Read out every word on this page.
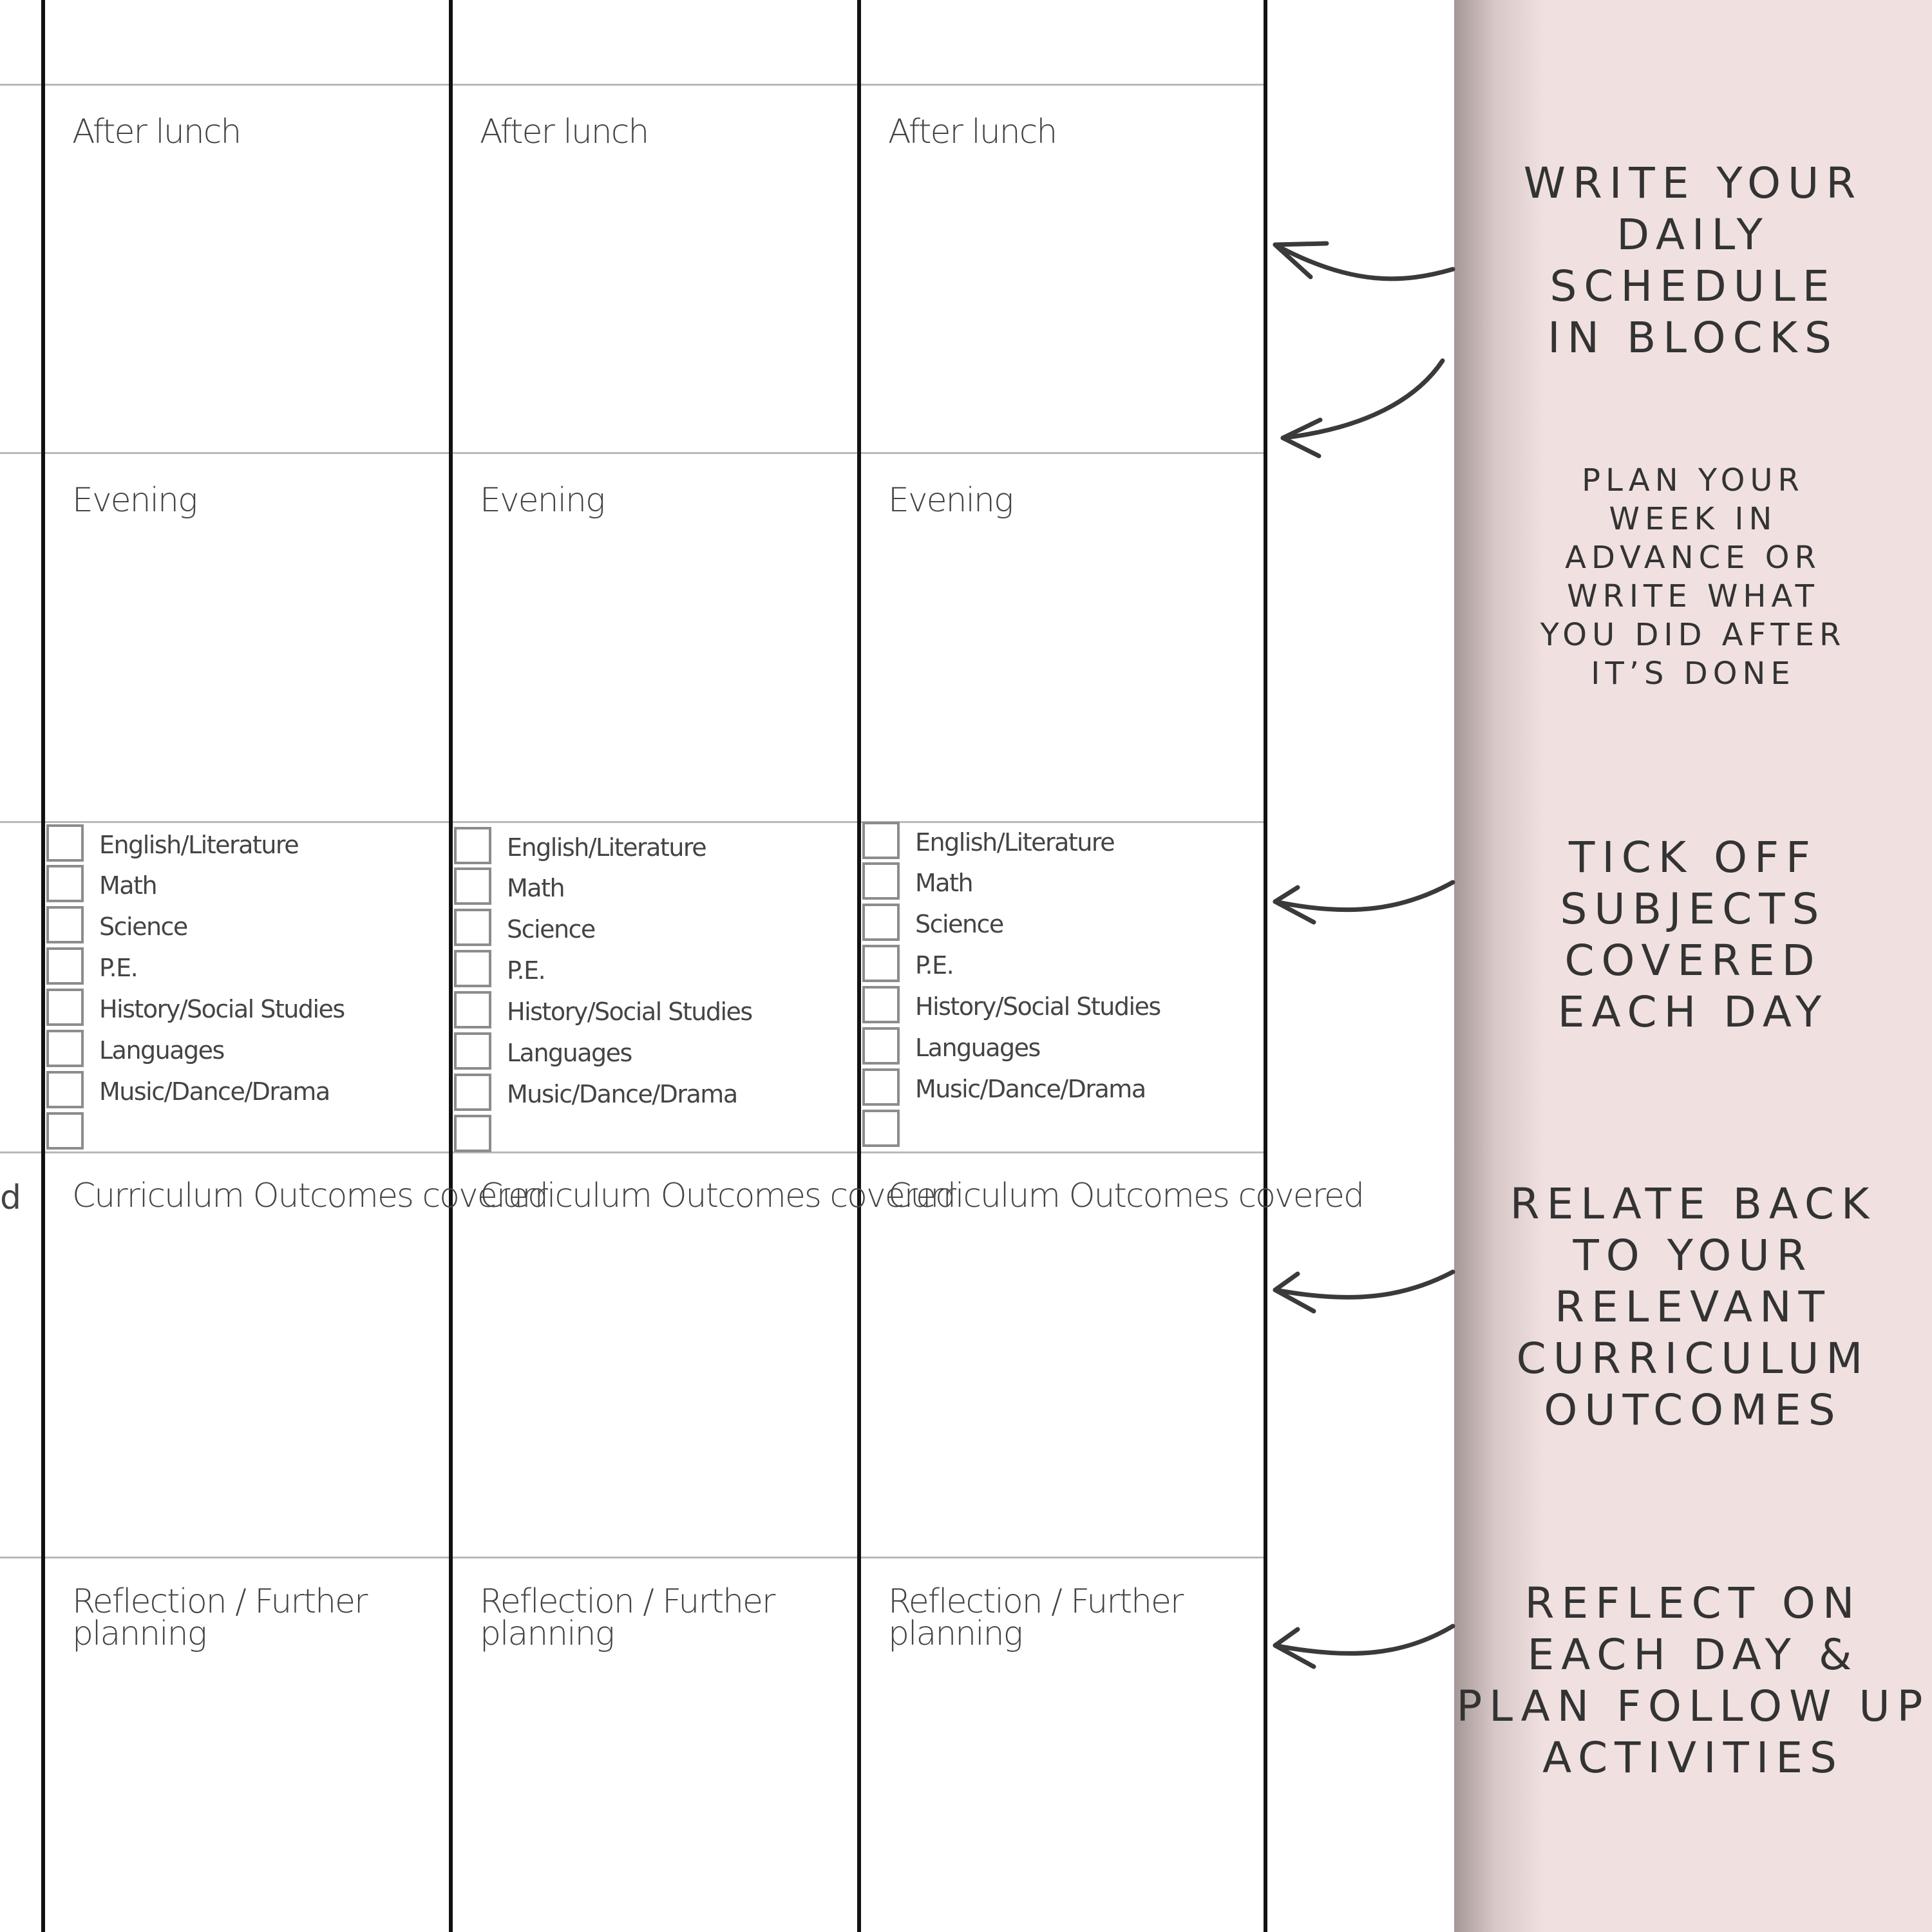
d
After lunch
Evening
English/Literature
Math
Science
P.E.
History/Social Studies
Languages
Music/Dance/Drama
Curriculum Outcomes covered
Reflection / Further planning
After lunch
Evening
English/Literature
Math
Science
P.E.
History/Social Studies
Languages
Music/Dance/Drama
Curriculum Outcomes covered
Reflection / Further planning
After lunch
Evening
English/Literature
Math
Science
P.E.
History/Social Studies
Languages
Music/Dance/Drama
Curriculum Outcomes covered
Reflection / Further planning
WRITE YOUR DAILY SCHEDULE IN BLOCKS
PLAN YOUR WEEK IN ADVANCE OR WRITE WHAT YOU DID AFTER IT’S DONE
TICK OFF SUBJECTS COVERED EACH DAY
RELATE BACK TO YOUR RELEVANT CURRICULUM OUTCOMES
REFLECT ON EACH DAY & PLAN FOLLOW UP ACTIVITIES
